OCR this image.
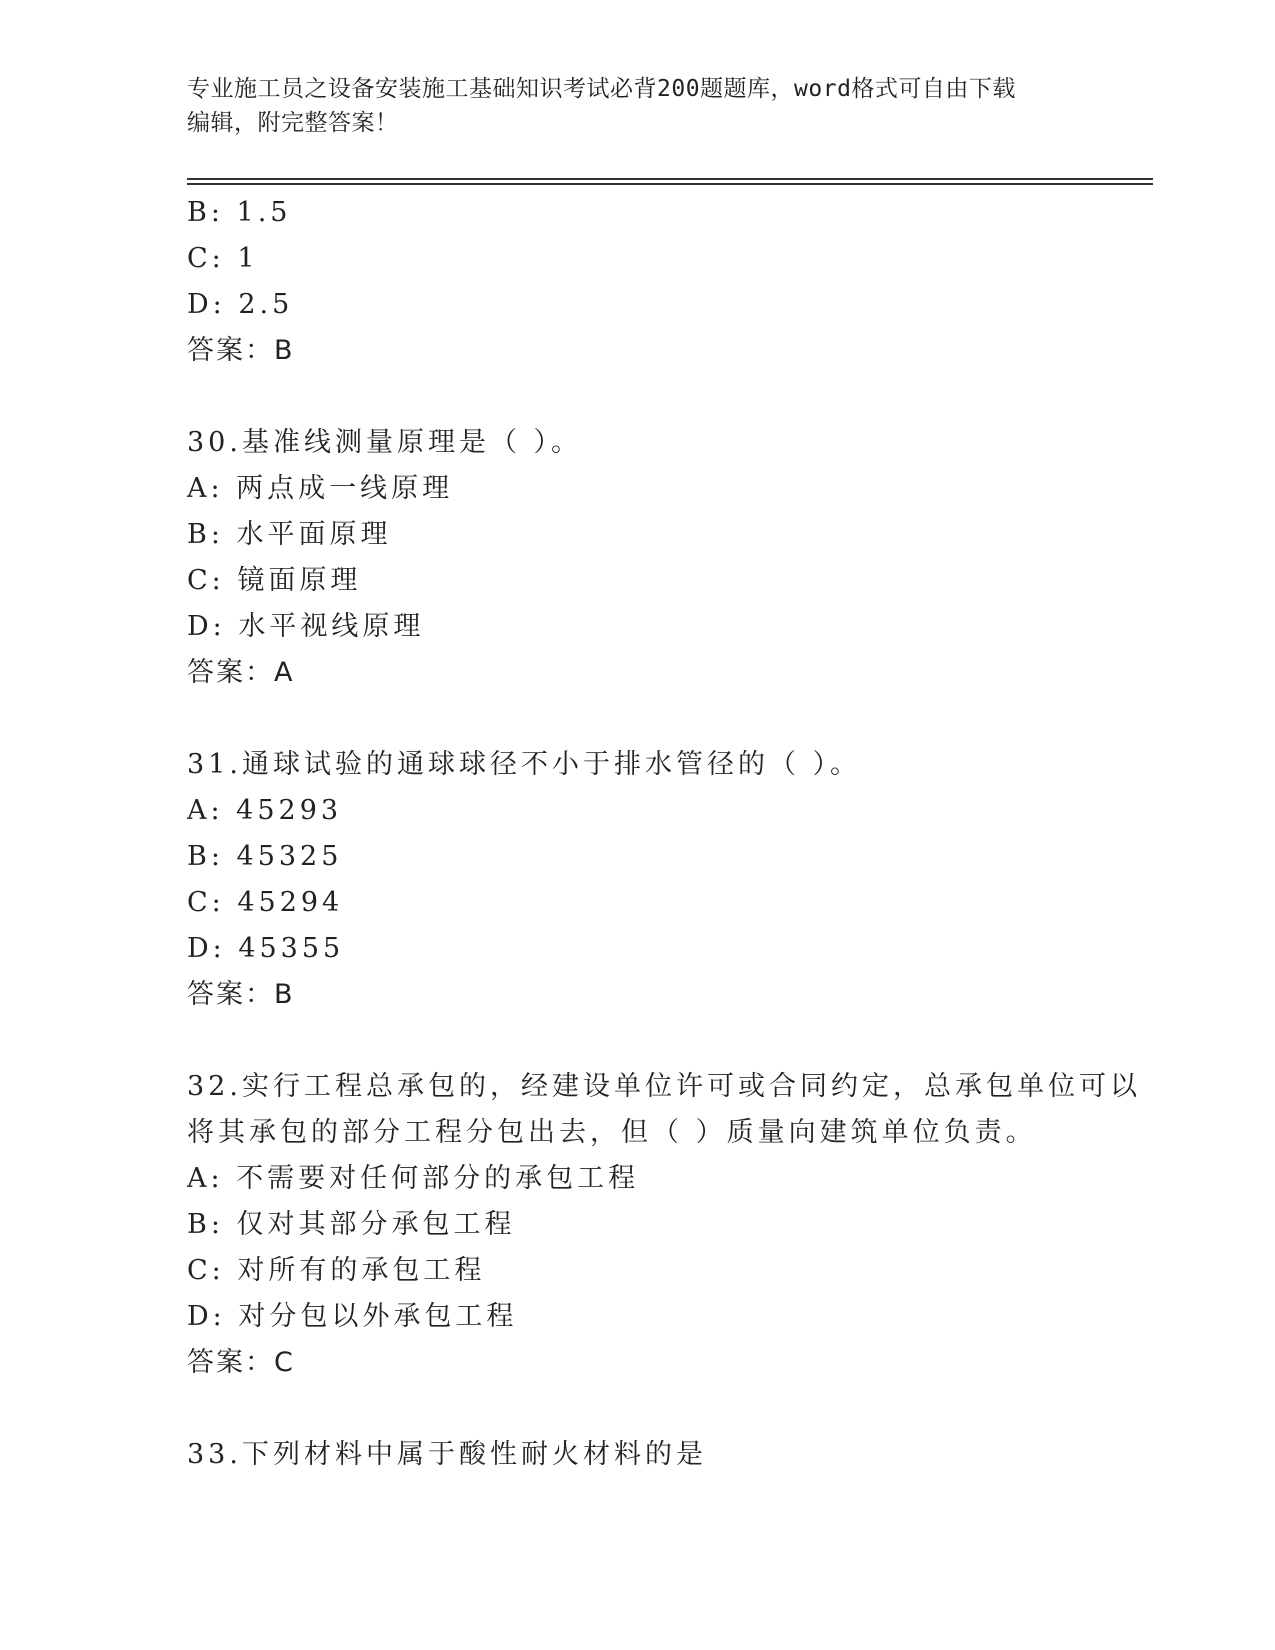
专业施工员之设备安装施工基础知识考试必背200题题库，word格式可自由下载
编辑，附完整答案！
B: 1.5
C: 1
D: 2.5
答案：B
30.基准线测量原理是（ ）。
A: 两点成一线原理
B: 水平面原理
C: 镜面原理
D: 水平视线原理
答案：A
31.通球试验的通球球径不小于排水管径的（ ）。
A: 45293
B: 45325
C: 45294
D: 45355
答案：B
32.实行工程总承包的，经建设单位许可或合同约定，总承包单位可以
将其承包的部分工程分包出去，但（ ）质量向建筑单位负责。
A: 不需要对任何部分的承包工程
B: 仅对其部分承包工程
C: 对所有的承包工程
D: 对分包以外承包工程
答案：C
33.下列材料中属于酸性耐火材料的是
